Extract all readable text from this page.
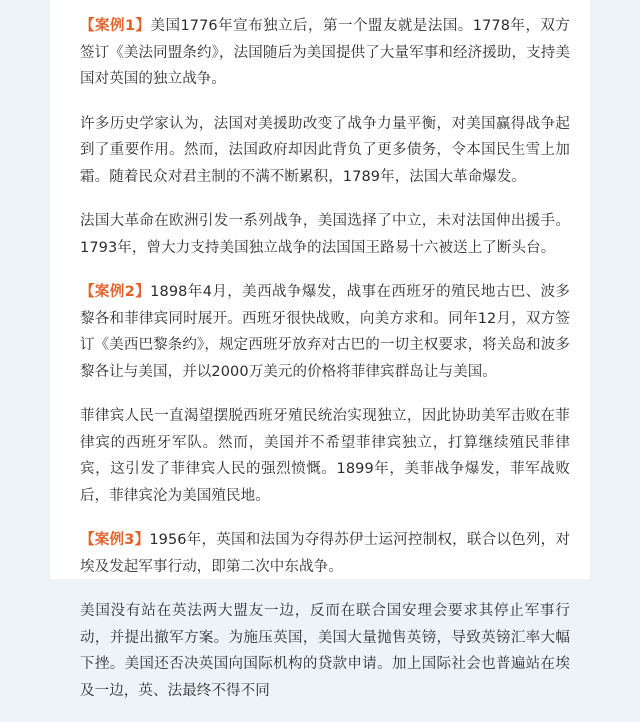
【案例1】美国1776年宣布独立后，第一个盟友就是法国。1778年，双方签订《美法同盟条约》，法国随后为美国提供了大量军事和经济援助，支持美国对英国的独立战争。

许多历史学家认为，法国对美援助改变了战争力量平衡，对美国赢得战争起到了重要作用。然而，法国政府却因此背负了更多债务，令本国民生雪上加霜。随着民众对君主制的不满不断累积，1789年，法国大革命爆发。

法国大革命在欧洲引发一系列战争，美国选择了中立，未对法国伸出援手。1793年，曾大力支持美国独立战争的法国国王路易十六被送上了断头台。

【案例2】1898年4月，美西战争爆发，战事在西班牙的殖民地古巴、波多黎各和菲律宾同时展开。西班牙很快战败，向美方求和。同年12月，双方签订《美西巴黎条约》，规定西班牙放弃对古巴的一切主权要求，将关岛和波多黎各让与美国，并以2000万美元的价格将菲律宾群岛让与美国。

菲律宾人民一直渴望摆脱西班牙殖民统治实现独立，因此协助美军击败在菲律宾的西班牙军队。然而，美国并不希望菲律宾独立，打算继续殖民菲律宾，这引发了菲律宾人民的强烈愤慨。1899年，美菲战争爆发，菲军战败后，菲律宾沦为美国殖民地。

【案例3】1956年，英国和法国为夺得苏伊士运河控制权，联合以色列，对埃及发起军事行动，即第二次中东战争。

美国没有站在英法两大盟友一边，反而在联合国安理会要求其停止军事行动，并提出撤军方案。为施压英国，美国大量抛售英镑，导致英镑汇率大幅下挫。美国还否决英国向国际机构的贷款申请。加上国际社会也普遍站在埃及一边，英、法最终不得不同
